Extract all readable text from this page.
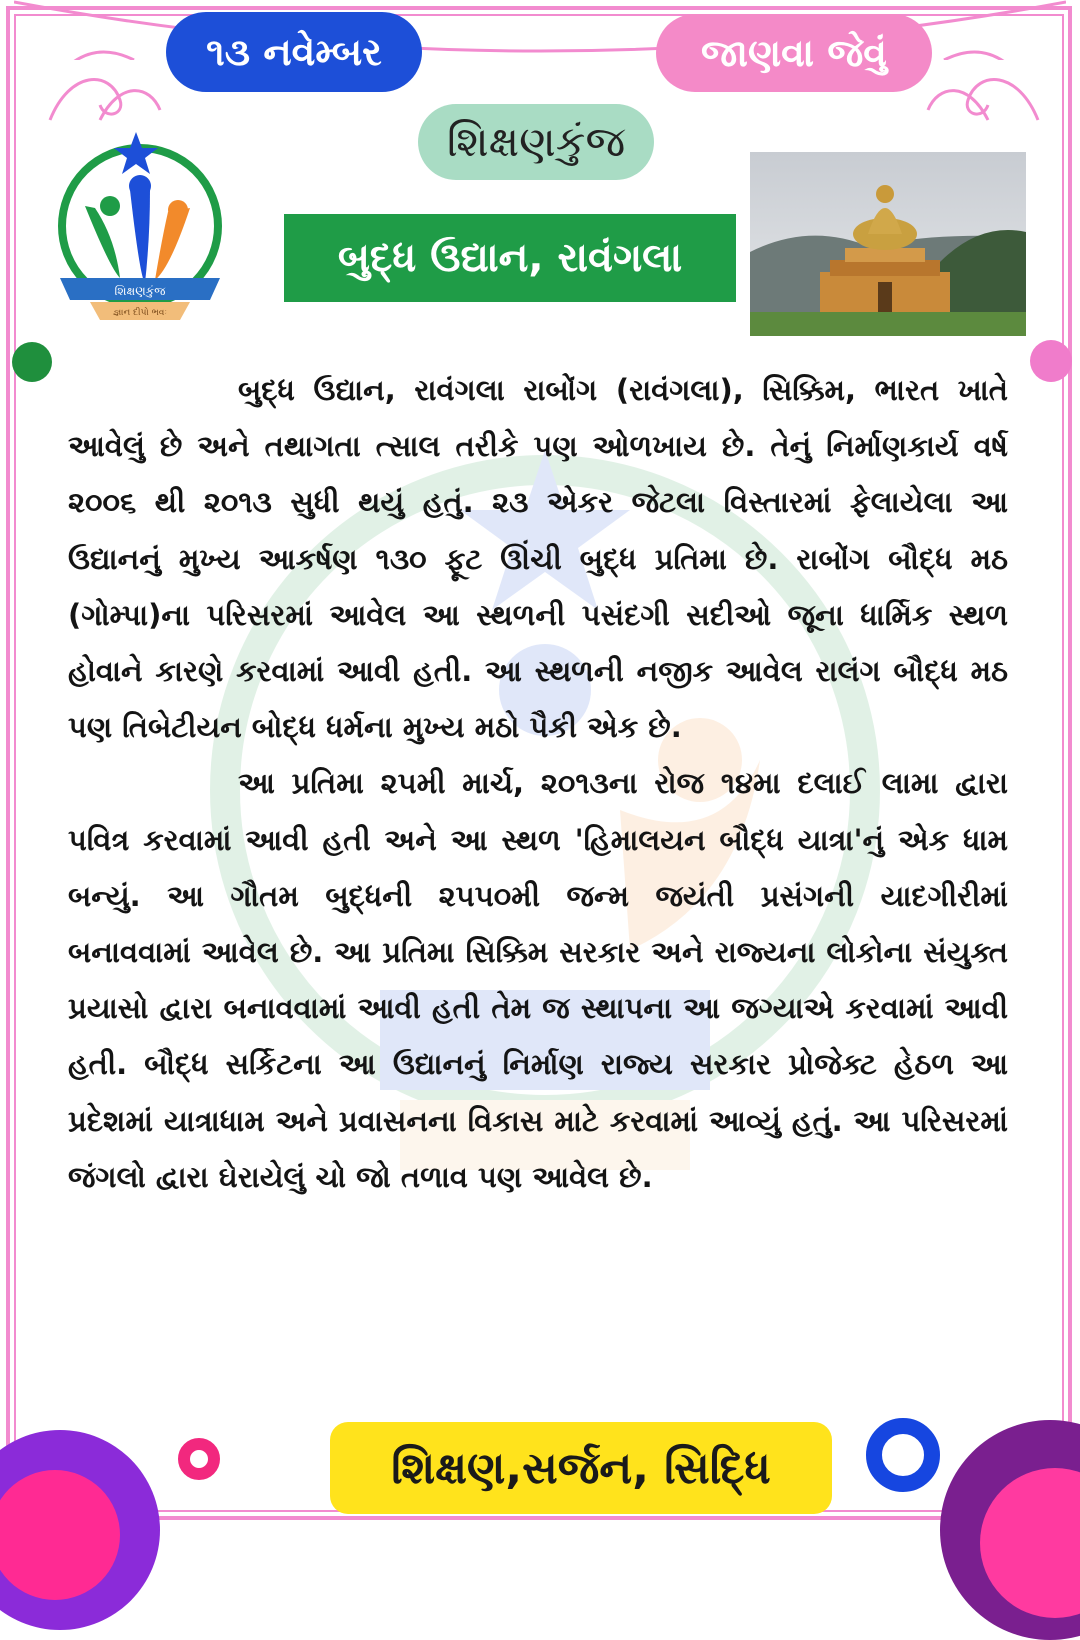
૧૩ નવેમ્બર	જાણવા જેવું
શિક્ષણકુંજ
શિક્ષણકુંજ
જ્ઞાન દીપો ભવઃ
બુદ્ધ ઉદ્યાન, રાવંગલા

બુદ્ધ ઉદ્યાન, રાવંગલા રાબોંગ (રાવંગલા), સિક્કિમ, ભારત ખાતે આવેલું છે અને તથાગતા ત્સાલ તરીકે પણ ઓળખાય છે. તેનું નિર્માણકાર્ય વર્ષ ૨૦૦૬ થી ૨૦૧૩ સુધી થયું હતું. ૨૩ એકર જેટલા વિસ્તારમાં ફેલાયેલા આ ઉદ્યાનનું મુખ્ય આકર્ષણ ૧૩૦ ફૂટ ઊંચી બુદ્ધ પ્રતિમા છે. રાબોંગ બૌદ્ધ મઠ (ગોમ્પા)ના પરિસરમાં આવેલ આ સ્થળની પસંદગી સદીઓ જૂના ધાર્મિક સ્થળ હોવાને કારણે કરવામાં આવી હતી. આ સ્થળની નજીક આવેલ રાલંગ બૌદ્ધ મઠ પણ તિબેટીયન બોદ્ધ ધર્મના મુખ્ય મઠો પૈકી એક છે.

આ પ્રતિમા ૨૫મી માર્ચ, ૨૦૧૩ના રોજ ૧૪મા દલાઈ લામા દ્વારા પવિત્ર કરવામાં આવી હતી અને આ સ્થળ 'હિમાલયન બૌદ્ધ યાત્રા'નું એક ધામ બન્યું. આ ગૌતમ બુદ્ધની ૨૫૫૦મી જન્મ જયંતી પ્રસંગની યાદગીરીમાં બનાવવામાં આવેલ છે. આ પ્રતિમા સિક્કિમ સરકાર અને રાજ્યના લોકોના સંયુક્ત પ્રયાસો દ્વારા બનાવવામાં આવી હતી તેમ જ સ્થાપના આ જગ્યાએ કરવામાં આવી હતી. બૌદ્ધ સર્કિટના આ ઉદ્યાનનું નિર્માણ રાજ્ય સરકાર પ્રોજેક્ટ હેઠળ આ પ્રદેશમાં યાત્રાધામ અને પ્રવાસનના વિકાસ માટે કરવામાં આવ્યું હતું. આ પરિસરમાં જંગલો દ્વારા ઘેરાયેલું ચો જો તળાવ પણ આવેલ છે.

શિક્ષણ,સર્જન, સિદ્ધિ
